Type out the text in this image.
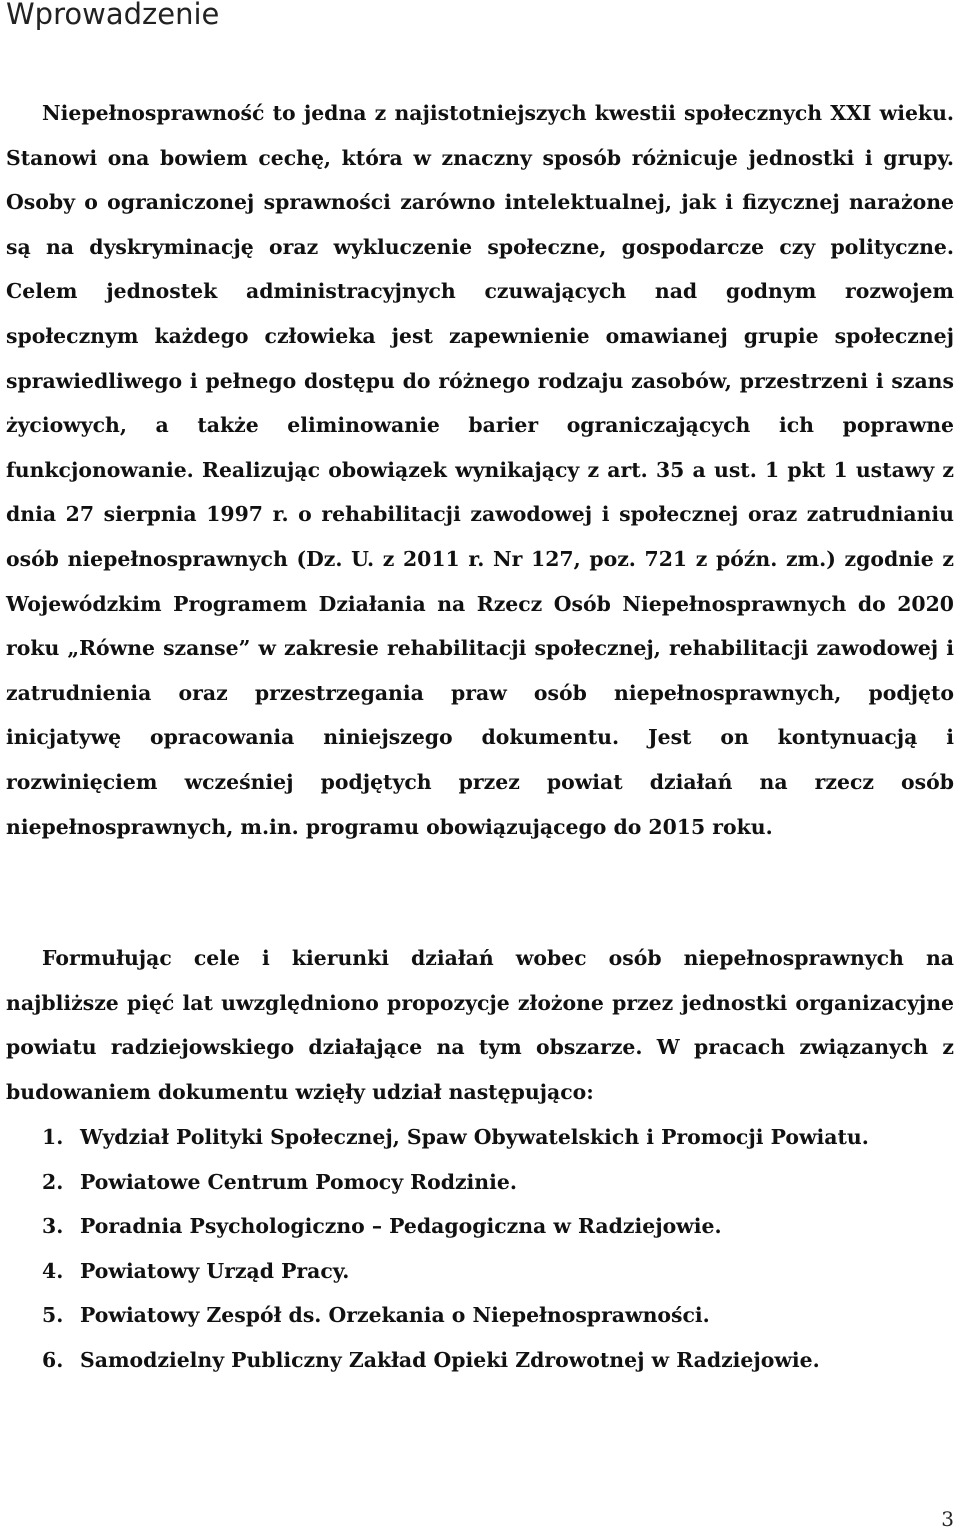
Wprowadzenie

Niepełnosprawność to jedna z najistotniejszych kwestii społecznych XXI wieku. Stanowi ona bowiem cechę, która w znaczny sposób różnicuje jednostki i grupy. Osoby o ograniczonej sprawności zarówno intelektualnej, jak i fizycznej narażone są na dyskryminację oraz wykluczenie społeczne, gospodarcze czy polityczne. Celem jednostek administracyjnych czuwających nad godnym rozwojem społecznym każdego człowieka jest zapewnienie omawianej grupie społecznej sprawiedliwego i pełnego dostępu do różnego rodzaju zasobów, przestrzeni i szans życiowych, a także eliminowanie barier ograniczających ich poprawne funkcjonowanie. Realizując obowiązek wynikający z art. 35 a ust. 1 pkt 1 ustawy z dnia 27 sierpnia 1997 r. o rehabilitacji zawodowej i społecznej oraz zatrudnianiu osób niepełnosprawnych (Dz. U. z 2011 r. Nr 127, poz. 721 z późn. zm.) zgodnie z Wojewódzkim Programem Działania na Rzecz Osób Niepełnosprawnych do 2020 roku „Równe szanse” w zakresie rehabilitacji społecznej, rehabilitacji zawodowej i zatrudnienia oraz przestrzegania praw osób niepełnosprawnych, podjęto inicjatywę opracowania niniejszego dokumentu. Jest on kontynuacją i rozwinięciem wcześniej podjętych przez powiat działań na rzecz osób niepełnosprawnych, m.in. programu obowiązującego do 2015 roku.

Formułując cele i kierunki działań wobec osób niepełnosprawnych na najbliższe pięć lat uwzględniono propozycje złożone przez jednostki organizacyjne powiatu radziejowskiego działające na tym obszarze. W pracach związanych z budowaniem dokumentu wzięły udział następująco:

1. Wydział Polityki Społecznej, Spaw Obywatelskich i Promocji Powiatu.
2. Powiatowe Centrum Pomocy Rodzinie.
3. Poradnia Psychologiczno – Pedagogiczna w Radziejowie.
4. Powiatowy Urząd Pracy.
5. Powiatowy Zespół ds. Orzekania o Niepełnosprawności.
6. Samodzielny Publiczny Zakład Opieki Zdrowotnej w Radziejowie.
3
